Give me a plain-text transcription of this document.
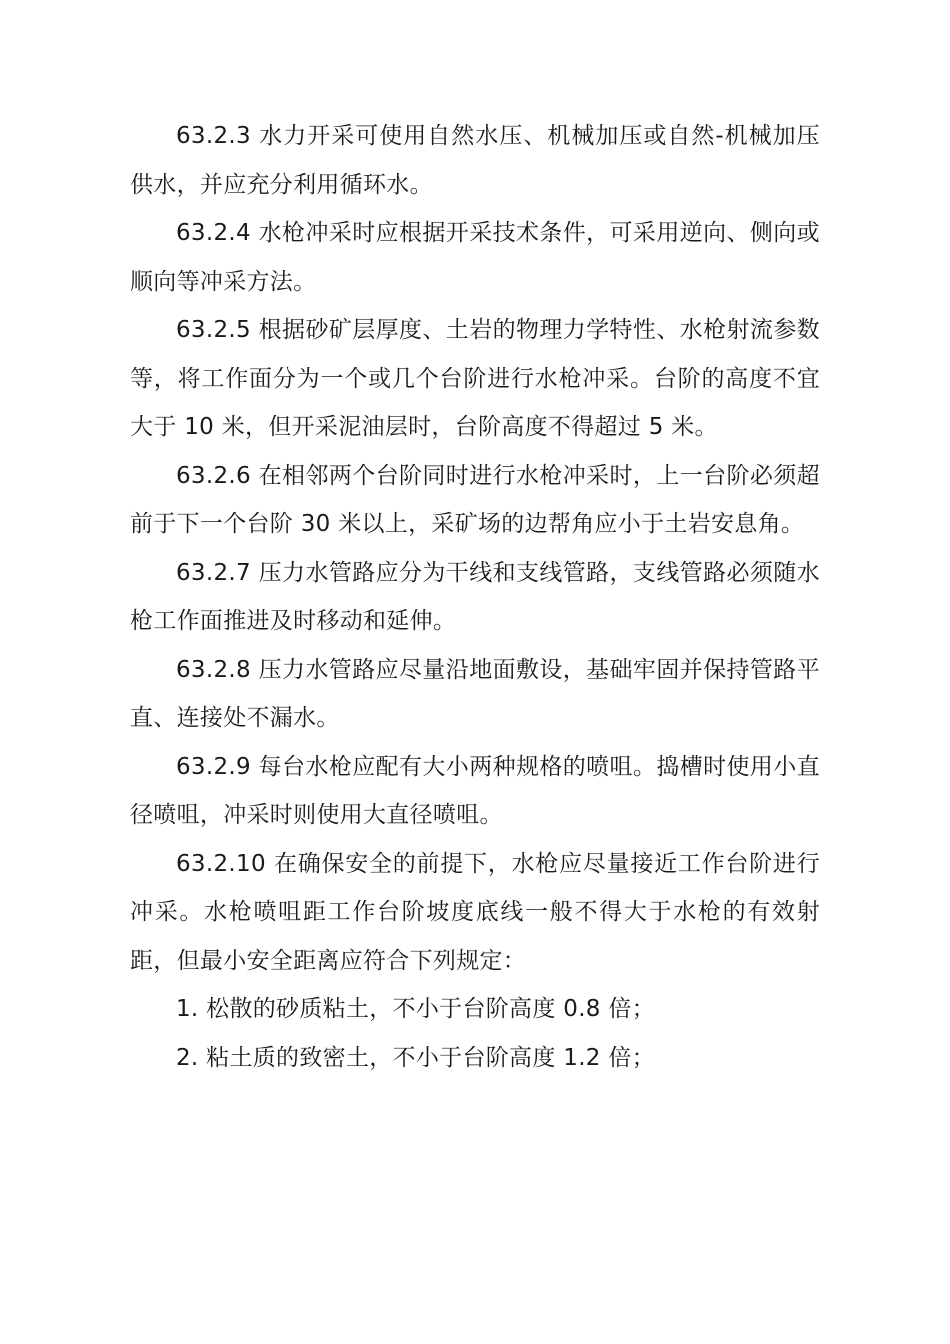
63.2.3 水力开采可使用自然水压、机械加压或自然-机械加压供水，并应充分利用循环水。

63.2.4 水枪冲采时应根据开采技术条件，可采用逆向、侧向或顺向等冲采方法。

63.2.5 根据砂矿层厚度、土岩的物理力学特性、水枪射流参数等，将工作面分为一个或几个台阶进行水枪冲采。台阶的高度不宜大于 10 米，但开采泥油层时，台阶高度不得超过 5 米。

63.2.6 在相邻两个台阶同时进行水枪冲采时，上一台阶必须超前于下一个台阶 30 米以上，采矿场的边帮角应小于土岩安息角。

63.2.7 压力水管路应分为干线和支线管路，支线管路必须随水枪工作面推进及时移动和延伸。

63.2.8 压力水管路应尽量沿地面敷设，基础牢固并保持管路平直、连接处不漏水。

63.2.9 每台水枪应配有大小两种规格的喷咀。捣槽时使用小直径喷咀，冲采时则使用大直径喷咀。

63.2.10 在确保安全的前提下，水枪应尽量接近工作台阶进行冲采。水枪喷咀距工作台阶坡度底线一般不得大于水枪的有效射距，但最小安全距离应符合下列规定：

1. 松散的砂质粘土，不小于台阶高度 0.8 倍；

2. 粘土质的致密土，不小于台阶高度 1.2 倍；
